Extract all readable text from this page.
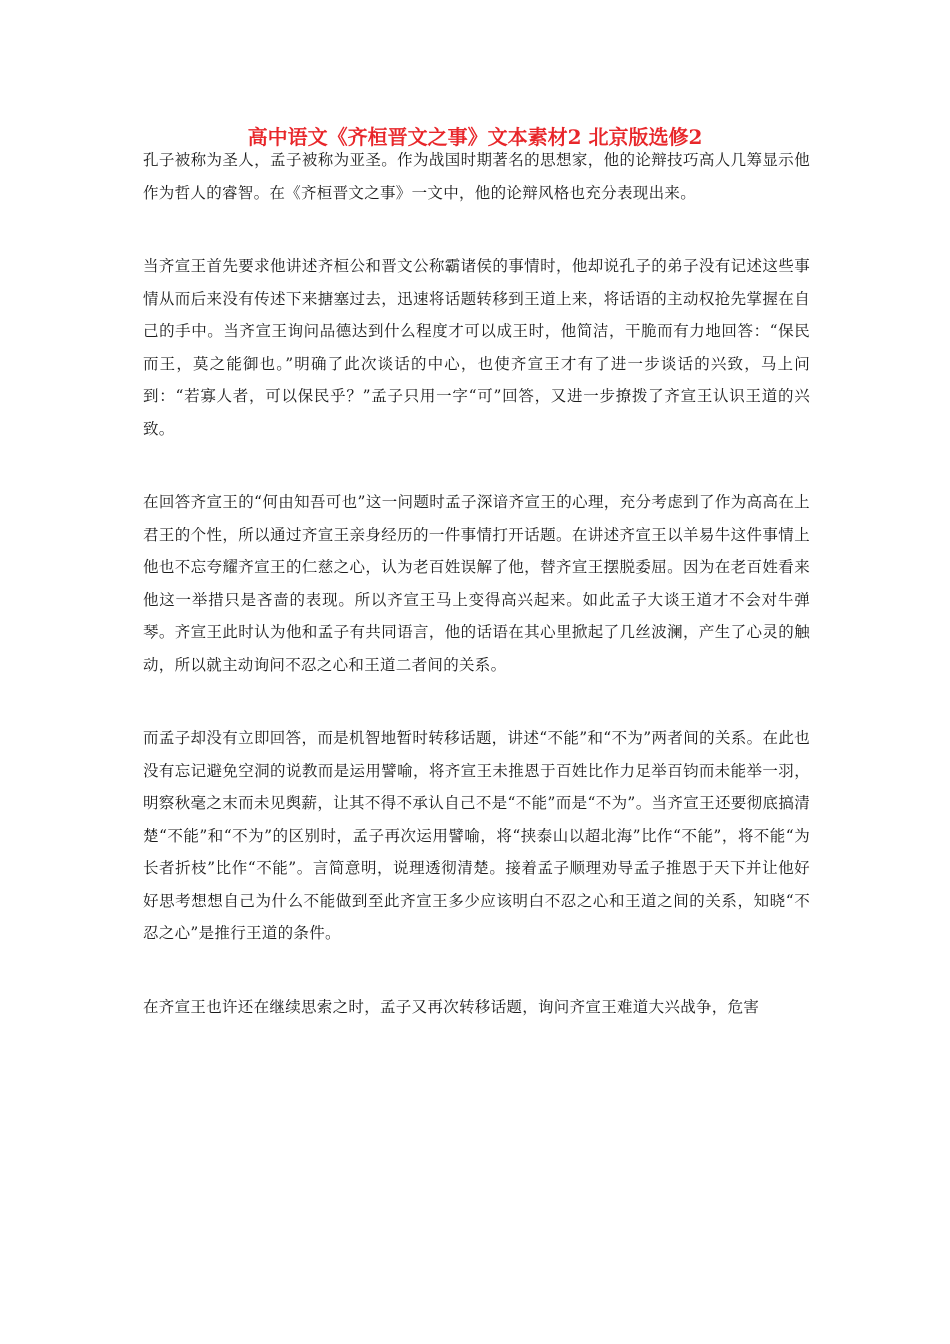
高中语文《齐桓晋文之事》文本素材2 北京版选修2

孔子被称为圣人，孟子被称为亚圣。作为战国时期著名的思想家，他的论辩技巧高人几筹显示他作为哲人的睿智。在《齐桓晋文之事》一文中，他的论辩风格也充分表现出来。

当齐宣王首先要求他讲述齐桓公和晋文公称霸诸侯的事情时，他却说孔子的弟子没有记述这些事情从而后来没有传述下来搪塞过去，迅速将话题转移到王道上来，将话语的主动权抢先掌握在自己的手中。当齐宣王询问品德达到什么程度才可以成王时，他简洁，干脆而有力地回答：“保民而王，莫之能御也。”明确了此次谈话的中心，也使齐宣王才有了进一步谈话的兴致，马上问到：“若寡人者，可以保民乎？”孟子只用一字“可”回答，又进一步撩拨了齐宣王认识王道的兴致。

在回答齐宣王的“何由知吾可也”这一问题时孟子深谙齐宣王的心理，充分考虑到了作为高高在上君王的个性，所以通过齐宣王亲身经历的一件事情打开话题。在讲述齐宣王以羊易牛这件事情上他也不忘夸耀齐宣王的仁慈之心，认为老百姓误解了他，替齐宣王摆脱委屈。因为在老百姓看来他这一举措只是吝啬的表现。所以齐宣王马上变得高兴起来。如此孟子大谈王道才不会对牛弹琴。齐宣王此时认为他和孟子有共同语言，他的话语在其心里掀起了几丝波澜，产生了心灵的触动，所以就主动询问不忍之心和王道二者间的关系。

而孟子却没有立即回答，而是机智地暂时转移话题，讲述“不能”和“不为”两者间的关系。在此也没有忘记避免空洞的说教而是运用譬喻，将齐宣王未推恩于百姓比作力足举百钧而未能举一羽，明察秋毫之末而未见舆薪，让其不得不承认自己不是“不能”而是“不为”。当齐宣王还要彻底搞清楚“不能”和“不为”的区别时，孟子再次运用譬喻，将“挟泰山以超北海”比作“不能”，将不能“为长者折枝”比作“不能”。言简意明，说理透彻清楚。接着孟子顺理劝导孟子推恩于天下并让他好好思考想想自己为什么不能做到至此齐宣王多少应该明白不忍之心和王道之间的关系，知晓“不忍之心”是推行王道的条件。

在齐宣王也许还在继续思索之时，孟子又再次转移话题，询问齐宣王难道大兴战争，危害
